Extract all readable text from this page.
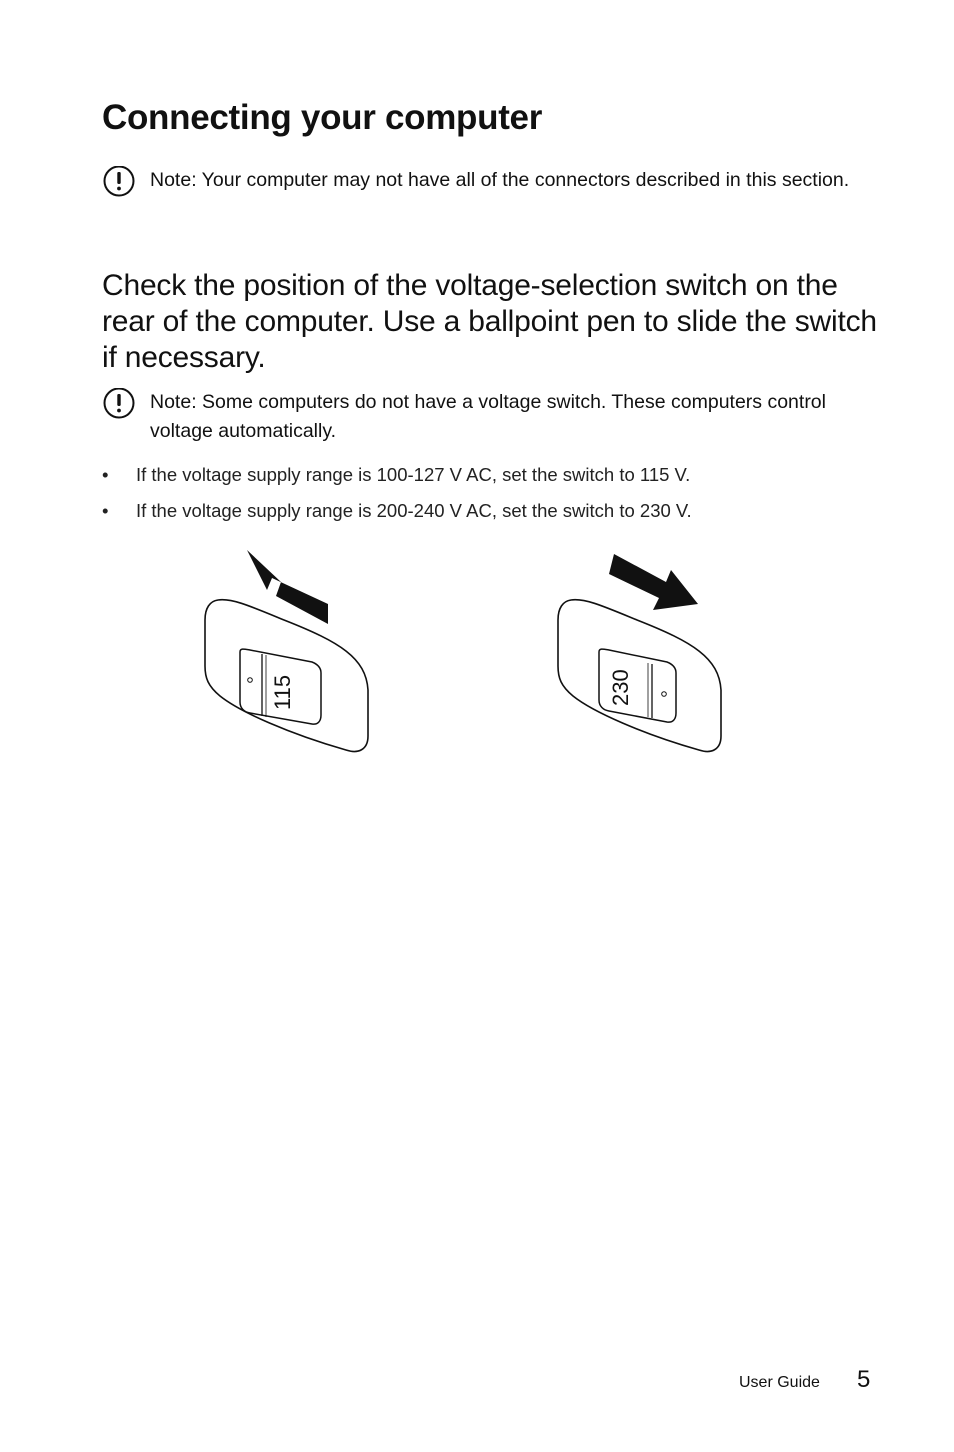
Connecting your computer
Note: Your computer may not have all of the connectors described in this section.
Check the position of the voltage-selection switch on the rear of the computer. Use a ballpoint pen to slide the switch if necessary.
Note: Some computers do not have a voltage switch. These computers control voltage automatically.
• If the voltage supply range is 100-127 V AC, set the switch to 115 V.
• If the voltage supply range is 200-240 V AC, set the switch to 230 V.
115	230
User Guide 5
